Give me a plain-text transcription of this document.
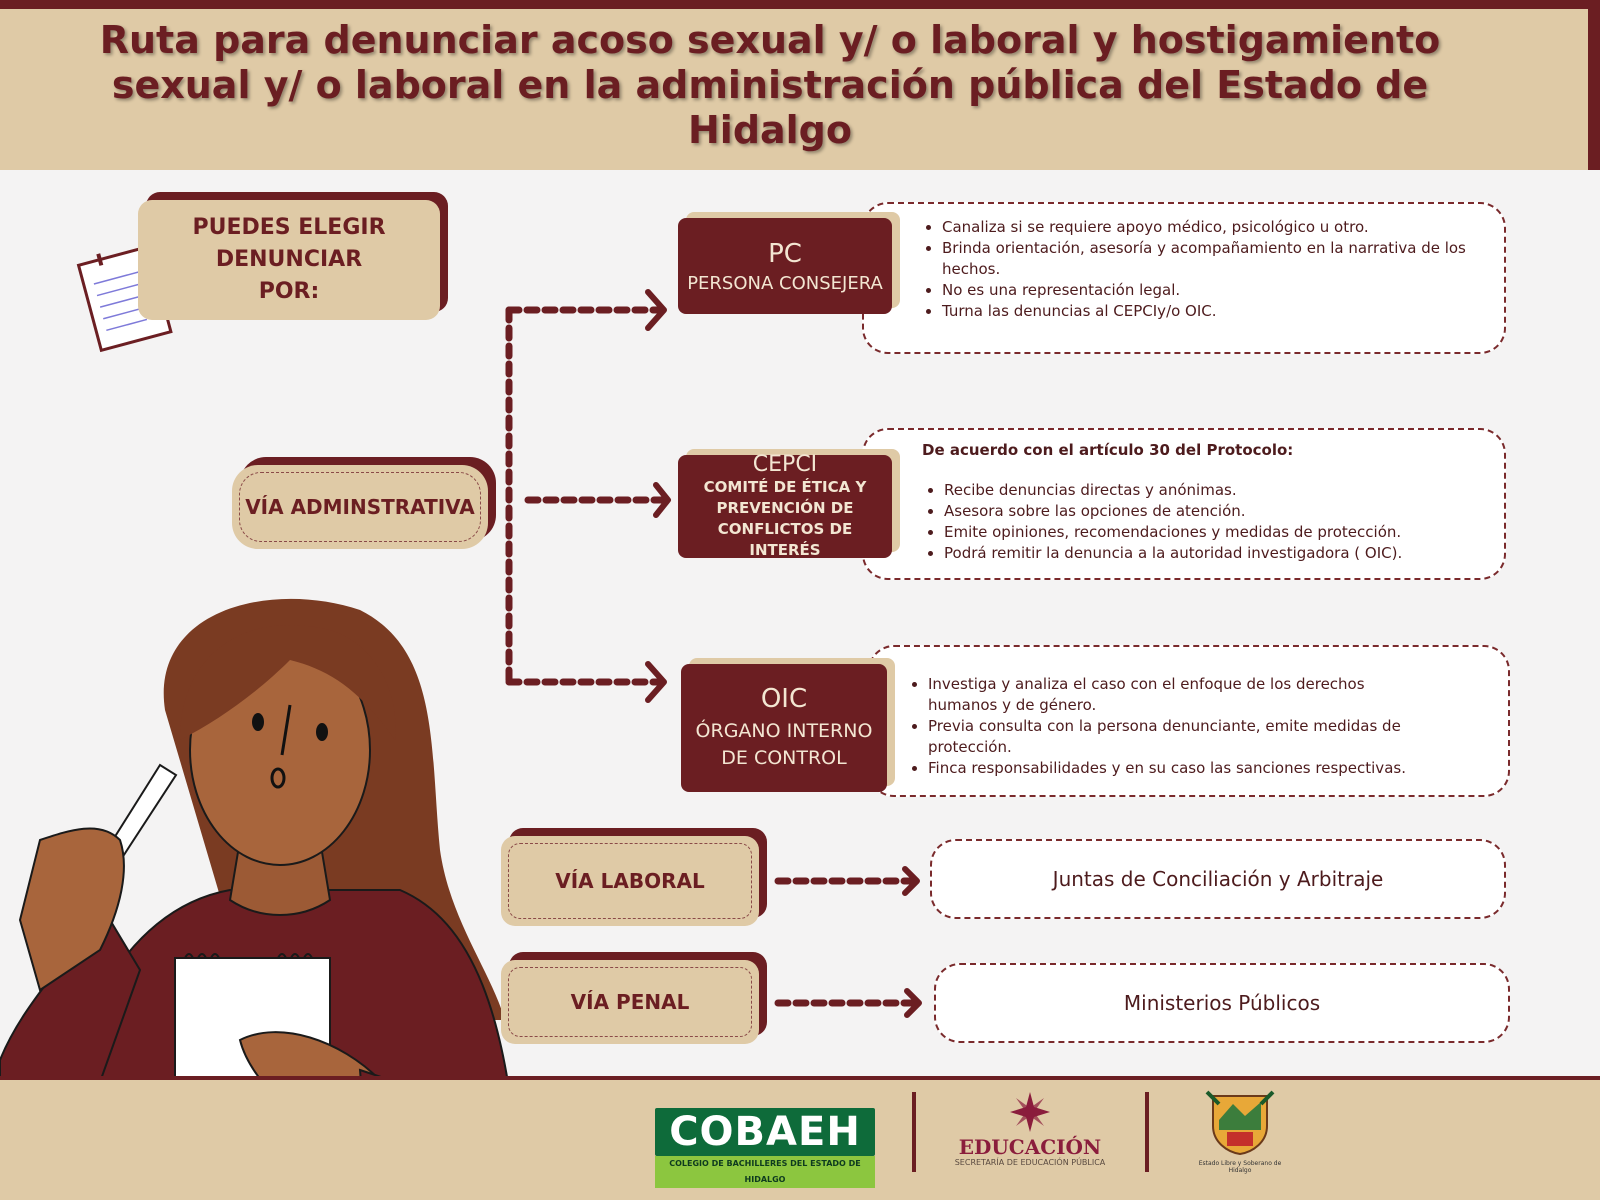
Ruta para denunciar acoso sexual y/ o laboral y hostigamiento sexual y/ o laboral en la administración pública del Estado de Hidalgo
PUEDES ELEGIR DENUNCIAR POR:
VÍA ADMINSTRATIVA
VÍA LABORAL
VÍA PENAL
• Canaliza si se requiere apoyo médico, psicológico u otro.
• Brinda orientación, asesoría y acompañamiento en la narrativa de los hechos.
• No es una representación legal.
• Turna las denuncias al CEPCIy/o OIC.
De acuerdo con el artículo 30 del Protocolo:
• Recibe denuncias directas y anónimas.
• Asesora sobre las opciones de atención.
• Emite opiniones, recomendaciones y medidas de protección.
• Podrá remitir la denuncia a la autoridad investigadora ( OIC).
• Investiga y analiza el caso con el enfoque de los derechos humanos y de género.
• Previa consulta con la persona denunciante, emite medidas de protección.
• Finca responsabilidades y en su caso las sanciones respectivas.
Juntas de Conciliación y Arbitraje
Ministerios Públicos
PC
PERSONA CONSEJERA
CEPCI
COMITÉ DE ÉTICA Y PREVENCIÓN DE CONFLICTOS DE INTERÉS
OIC
ÓRGANO INTERNO DE CONTROL
COBAEH
COLEGIO DE BACHILLERES DEL ESTADO DE HIDALGO
EDUCACIÓN
SECRETARÍA DE EDUCACIÓN PÚBLICA	Estado Libre y Soberano de Hidalgo
